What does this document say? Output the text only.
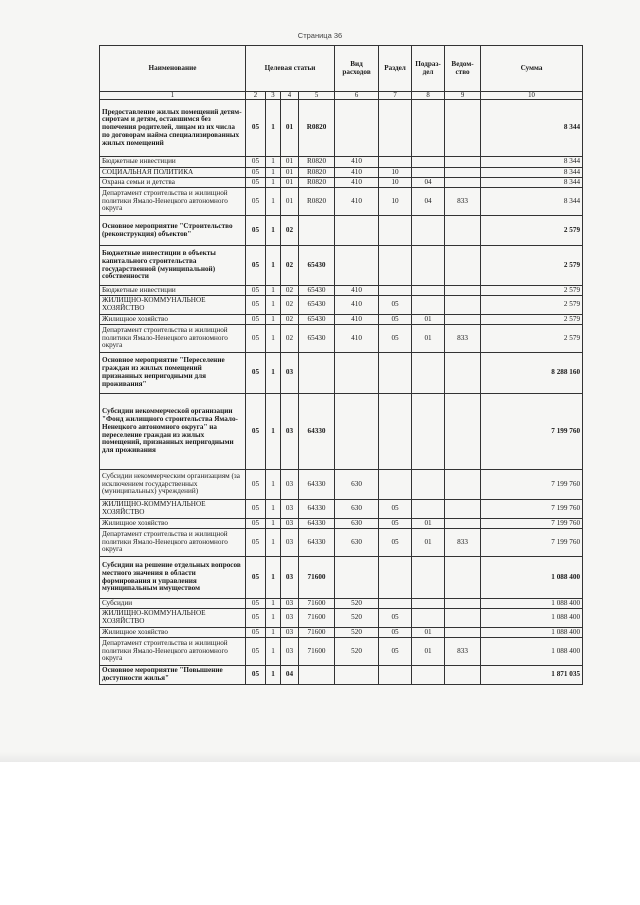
Страница 36
Наименование	Целевая статьи				Вид расходов	Раздел	Подраз-дел	Ведом-ство	Сумма
1	2	3	4	5	6	7	8	9	10
Предоставление жилых помещений детям-сиротам и детям, оставшимся без попечения родителей, лицам из их числа по договорам найма специализированных жилых помещений	05	1	01	R0820					8 344
Бюджетные инвестиции	05	1	01	R0820	410				8 344
СОЦИАЛЬНАЯ ПОЛИТИКА	05	1	01	R0820	410	10			8 344
Охрана семьи и детства	05	1	01	R0820	410	10	04		8 344
Департамент строительства и жилищной политики Ямало-Ненецкого автономного округа	05	1	01	R0820	410	10	04	833	8 344
Основное мероприятие "Строительство (реконструкция) объектов"	05	1	02						2 579
Бюджетные инвестиции в объекты капитального строительства государственной (муниципальной) собственности	05	1	02	65430					2 579
Бюджетные инвестиции	05	1	02	65430	410				2 579
ЖИЛИЩНО-КОММУНАЛЬНОЕ ХОЗЯЙСТВО	05	1	02	65430	410	05			2 579
Жилищное хозяйство	05	1	02	65430	410	05	01		2 579
Департамент строительства и жилищной политики Ямало-Ненецкого автономного округа	05	1	02	65430	410	05	01	833	2 579
Основное мероприятие "Переселение граждан из жилых помещений признанных непригодными для проживания"	05	1	03						8 288 160
Субсидии некоммерческой организации "Фонд жилищного строительства Ямало-Ненецкого автономного округа" на переселение граждан из жилых помещений, признанных непригодными для проживания	05	1	03	64330					7 199 760
Субсидии некоммерческим организациям (за исключением государственных (муниципальных) учреждений)	05	1	03	64330	630				7 199 760
ЖИЛИЩНО-КОММУНАЛЬНОЕ ХОЗЯЙСТВО	05	1	03	64330	630	05			7 199 760
Жилищное хозяйство	05	1	03	64330	630	05	01		7 199 760
Департамент строительства и жилищной политики Ямало-Ненецкого автономного округа	05	1	03	64330	630	05	01	833	7 199 760
Субсидии на решение отдельных вопросов местного значения в области формирования и управления муниципальным имуществом	05	1	03	71600					1 088 400
Субсидии	05	1	03	71600	520				1 088 400
ЖИЛИЩНО-КОММУНАЛЬНОЕ ХОЗЯЙСТВО	05	1	03	71600	520	05			1 088 400
Жилищное хозяйство	05	1	03	71600	520	05	01		1 088 400
Департамент строительства и жилищной политики Ямало-Ненецкого автономного округа	05	1	03	71600	520	05	01	833	1 088 400
Основное мероприятие "Повышение доступности жилья"	05	1	04						1 871 035
